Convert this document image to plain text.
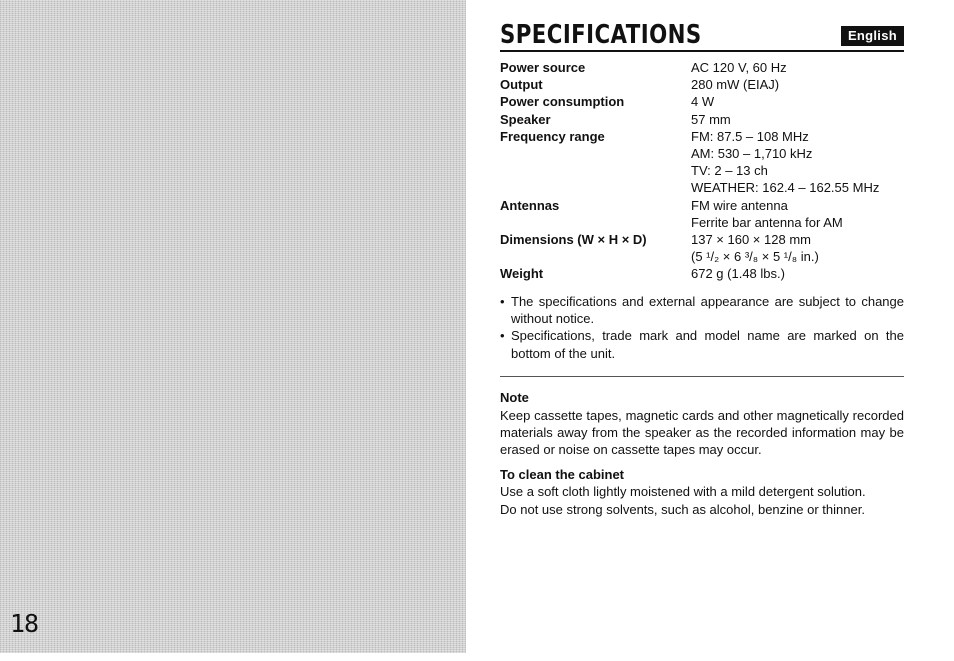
18
SPECIFICATIONS	English
Power source	AC 120 V, 60 Hz
Output	280 mW (EIAJ)
Power consumption	4 W
Speaker	57 mm
Frequency range	FM: 87.5 – 108 MHz
AM: 530 – 1,710 kHz
TV: 2 – 13 ch
WEATHER: 162.4 – 162.55 MHz
Antennas	FM wire antenna
Ferrite bar antenna for AM
Dimensions (W × H × D)	137 × 160 × 128 mm
(5 ¹/₂ × 6 ³/₈ × 5 ¹/₈ in.)
Weight	672 g (1.48 lbs.)
• The specifications and external appearance are subject to change without notice.
• Specifications, trade mark and model name are marked on the bottom of the unit.
Note
Keep cassette tapes, magnetic cards and other magnetically recorded materials away from the speaker as the recorded information may be erased or noise on cassette tapes may occur.
To clean the cabinet
Use a soft cloth lightly moistened with a mild detergent solution.
Do not use strong solvents, such as alcohol, benzine or thinner.
